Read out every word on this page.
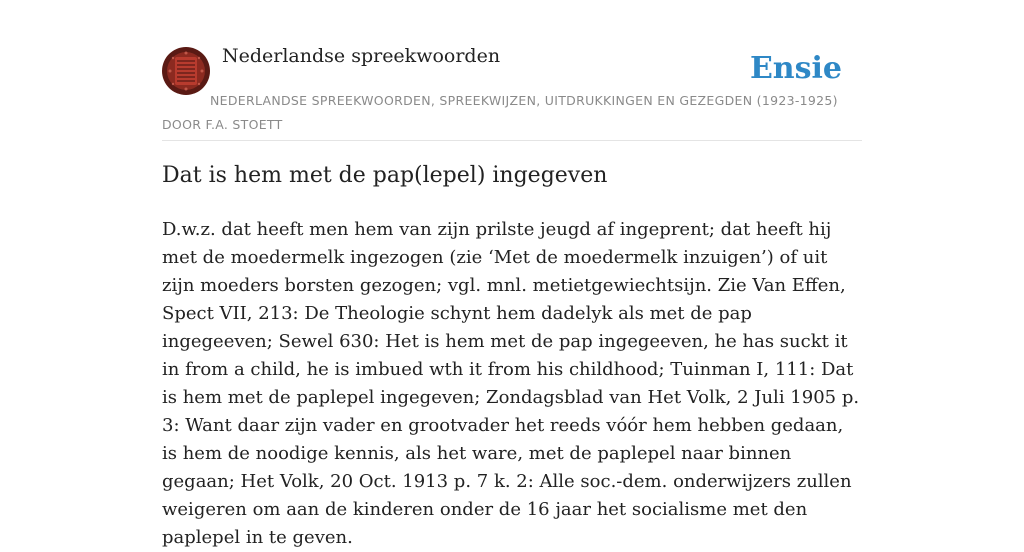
Nederlandse spreekwoorden	Ensie
NEDERLANDSE SPREEKWOORDEN, SPREEKWIJZEN, UITDRUKKINGEN EN GEZEGDEN (1923-1925)
DOOR F.A. STOETT
Dat is hem met de pap(lepel) ingegeven

D.w.z. dat heeft men hem van zijn prilste jeugd af ingeprent; dat heeft hij met de moedermelk ingezogen (zie ‘Met de moedermelk inzuigen’) of uit zijn moeders borsten gezogen; vgl. mnl. metietgewiechtsijn. Zie Van Effen, Spect VII, 213: De Theologie schynt hem dadelyk als met de pap ingegeeven; Sewel 630: Het is hem met de pap ingegeeven, he has suckt it in from a child, he is imbued wth it from his childhood; Tuinman I, 111: Dat is hem met de paplepel ingegeven; Zondagsblad van Het Volk, 2 Juli 1905 p. 3: Want daar zijn vader en grootvader het reeds vóór hem hebben gedaan, is hem de noodige kennis, als het ware, met de paplepel naar binnen gegaan; Het Volk, 20 Oct. 1913 p. 7 k. 2: Alle soc.-dem. onderwijzers zullen weigeren om aan de kinderen onder de 16 jaar het socialisme met den paplepel in te geven.
